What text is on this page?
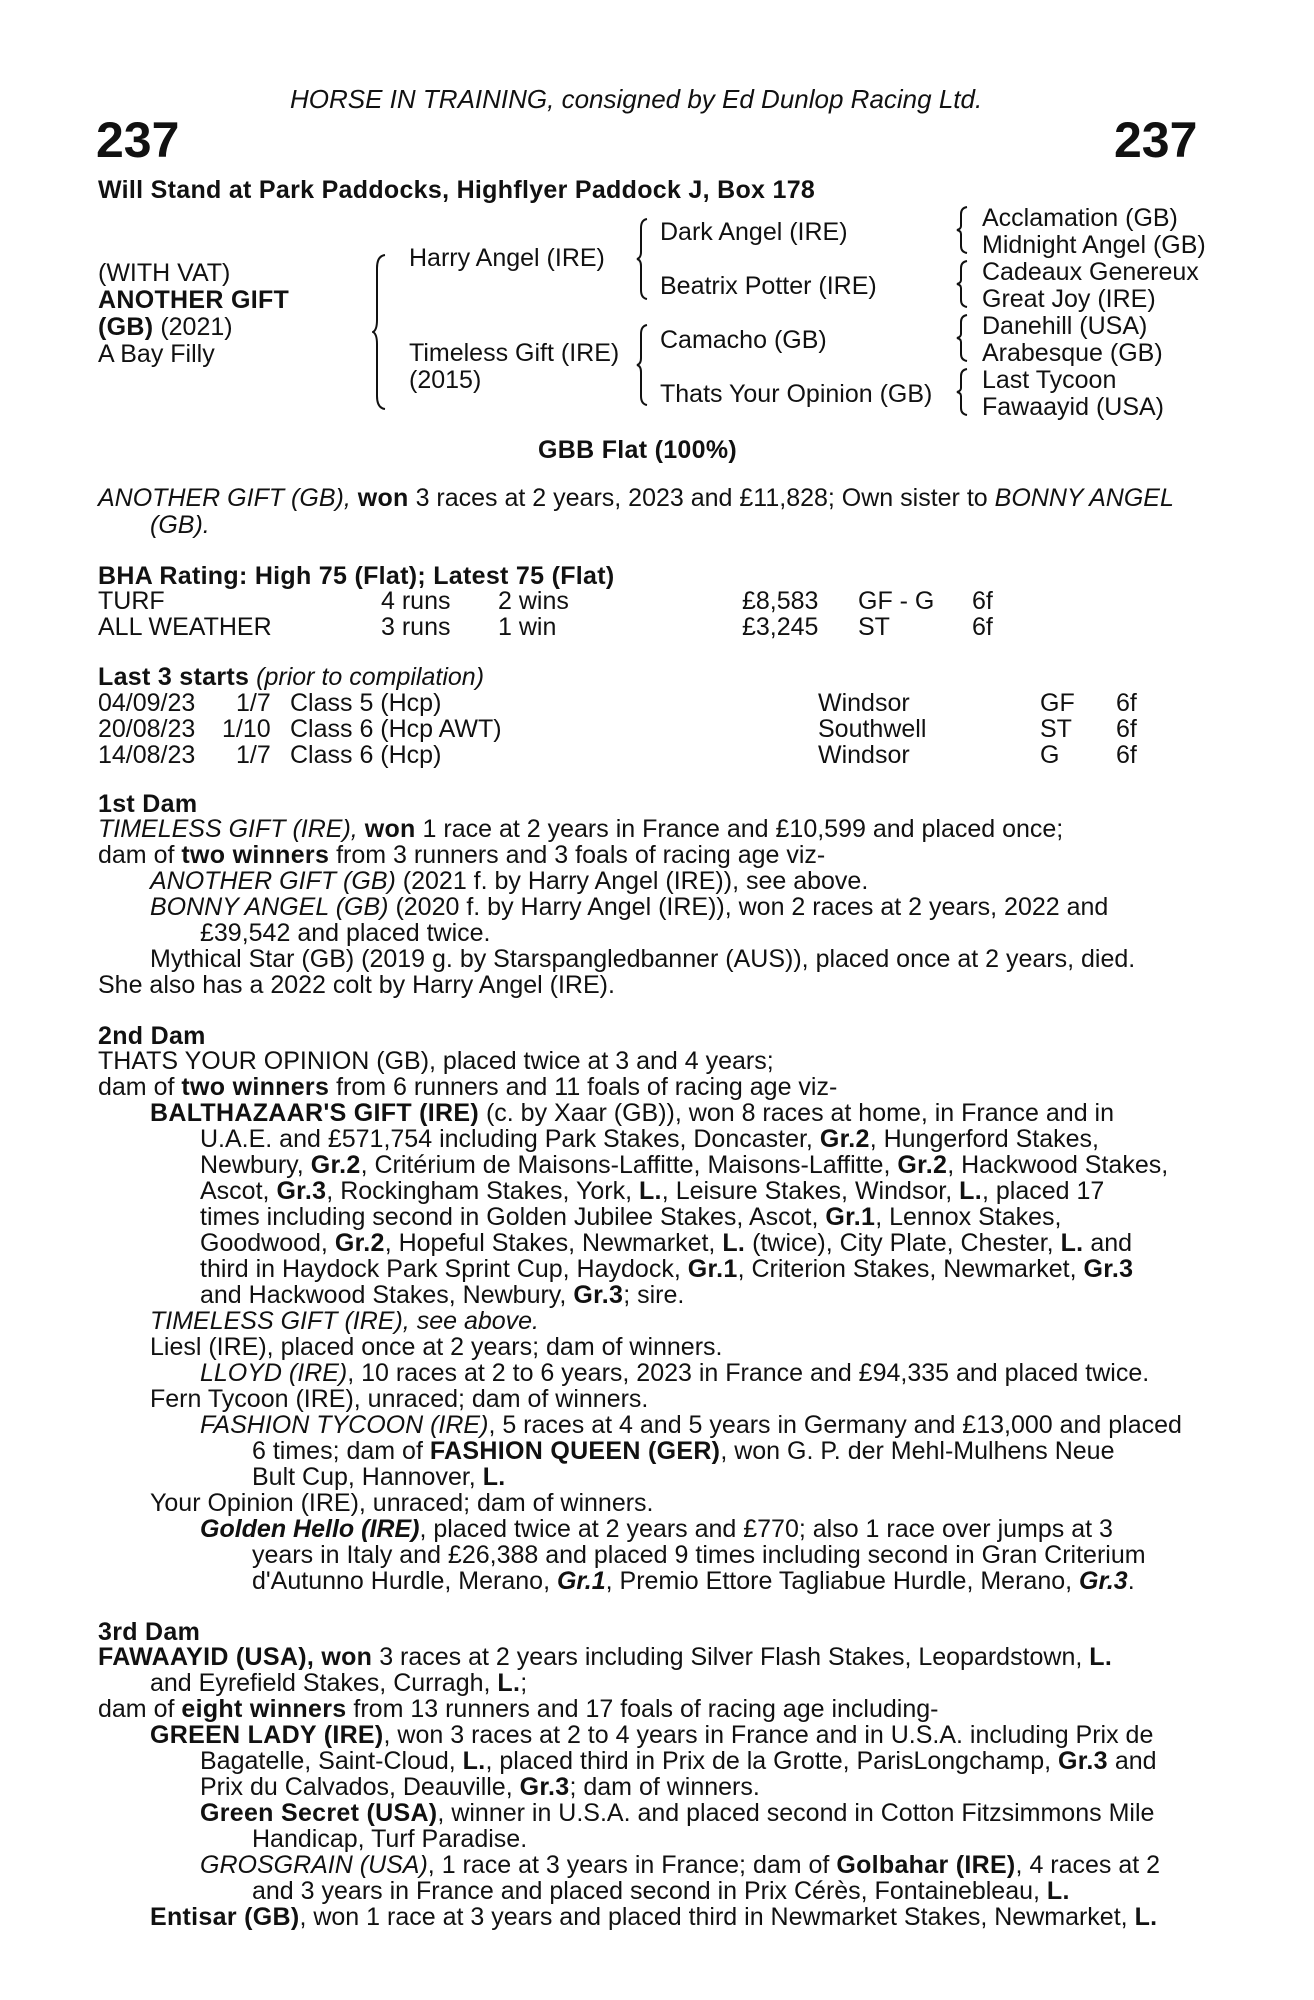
HORSE IN TRAINING, consigned by Ed Dunlop Racing Ltd.
237	237
Will Stand at Park Paddocks, Highflyer Paddock J, Box 178
(WITH VAT)
ANOTHER GIFT
(GB) (2021)
A Bay Filly
Harry Angel (IRE)
Timeless Gift (IRE)
(2015)
Dark Angel (IRE)
Beatrix Potter (IRE)
Camacho (GB)
Thats Your Opinion (GB)
Acclamation (GB)
Midnight Angel (GB)
Cadeaux Genereux
Great Joy (IRE)
Danehill (USA)
Arabesque (GB)
Last Tycoon
Fawaayid (USA)
GBB Flat (100%)
ANOTHER GIFT (GB), won 3 races at 2 years, 2023 and £11,828; Own sister to BONNY ANGEL
(GB).
BHA Rating: High 75 (Flat); Latest 75 (Flat)
TURF	4 runs 2 wins	£8,583 GF - G 6f
ALL WEATHER	3 runs 1 win	£3,245 ST	6f
Last 3 starts (prior to compilation)
04/09/23 1/7 Class 5 (Hcp)	Windsor	GF 6f
20/08/23 1/10 Class 6 (Hcp AWT)	Southwell	ST 6f
14/08/23 1/7 Class 6 (Hcp)	Windsor	G 6f
1st Dam
TIMELESS GIFT (IRE), won 1 race at 2 years in France and £10,599 and placed once;
dam of two winners from 3 runners and 3 foals of racing age viz-
ANOTHER GIFT (GB) (2021 f. by Harry Angel (IRE)), see above.
BONNY ANGEL (GB) (2020 f. by Harry Angel (IRE)), won 2 races at 2 years, 2022 and
£39,542 and placed twice.
Mythical Star (GB) (2019 g. by Starspangledbanner (AUS)), placed once at 2 years, died.
She also has a 2022 colt by Harry Angel (IRE).
2nd Dam
THATS YOUR OPINION (GB), placed twice at 3 and 4 years;
dam of two winners from 6 runners and 11 foals of racing age viz-
BALTHAZAAR'S GIFT (IRE) (c. by Xaar (GB)), won 8 races at home, in France and in
U.A.E. and £571,754 including Park Stakes, Doncaster, Gr.2, Hungerford Stakes,
Newbury, Gr.2, Critérium de Maisons-Laffitte, Maisons-Laffitte, Gr.2, Hackwood Stakes,
Ascot, Gr.3, Rockingham Stakes, York, L., Leisure Stakes, Windsor, L., placed 17
times including second in Golden Jubilee Stakes, Ascot, Gr.1, Lennox Stakes,
Goodwood, Gr.2, Hopeful Stakes, Newmarket, L. (twice), City Plate, Chester, L. and
third in Haydock Park Sprint Cup, Haydock, Gr.1, Criterion Stakes, Newmarket, Gr.3
and Hackwood Stakes, Newbury, Gr.3; sire.
TIMELESS GIFT (IRE), see above.
Liesl (IRE), placed once at 2 years; dam of winners.
LLOYD (IRE), 10 races at 2 to 6 years, 2023 in France and £94,335 and placed twice.
Fern Tycoon (IRE), unraced; dam of winners.
FASHION TYCOON (IRE), 5 races at 4 and 5 years in Germany and £13,000 and placed
6 times; dam of FASHION QUEEN (GER), won G. P. der Mehl-Mulhens Neue
Bult Cup, Hannover, L.
Your Opinion (IRE), unraced; dam of winners.
Golden Hello (IRE), placed twice at 2 years and £770; also 1 race over jumps at 3
years in Italy and £26,388 and placed 9 times including second in Gran Criterium
d'Autunno Hurdle, Merano, Gr.1, Premio Ettore Tagliabue Hurdle, Merano, Gr.3.
3rd Dam
FAWAAYID (USA), won 3 races at 2 years including Silver Flash Stakes, Leopardstown, L.
and Eyrefield Stakes, Curragh, L.;
dam of eight winners from 13 runners and 17 foals of racing age including-
GREEN LADY (IRE), won 3 races at 2 to 4 years in France and in U.S.A. including Prix de
Bagatelle, Saint-Cloud, L., placed third in Prix de la Grotte, ParisLongchamp, Gr.3 and
Prix du Calvados, Deauville, Gr.3; dam of winners.
Green Secret (USA), winner in U.S.A. and placed second in Cotton Fitzsimmons Mile
Handicap, Turf Paradise.
GROSGRAIN (USA), 1 race at 3 years in France; dam of Golbahar (IRE), 4 races at 2
and 3 years in France and placed second in Prix Cérès, Fontainebleau, L.
Entisar (GB), won 1 race at 3 years and placed third in Newmarket Stakes, Newmarket, L.
